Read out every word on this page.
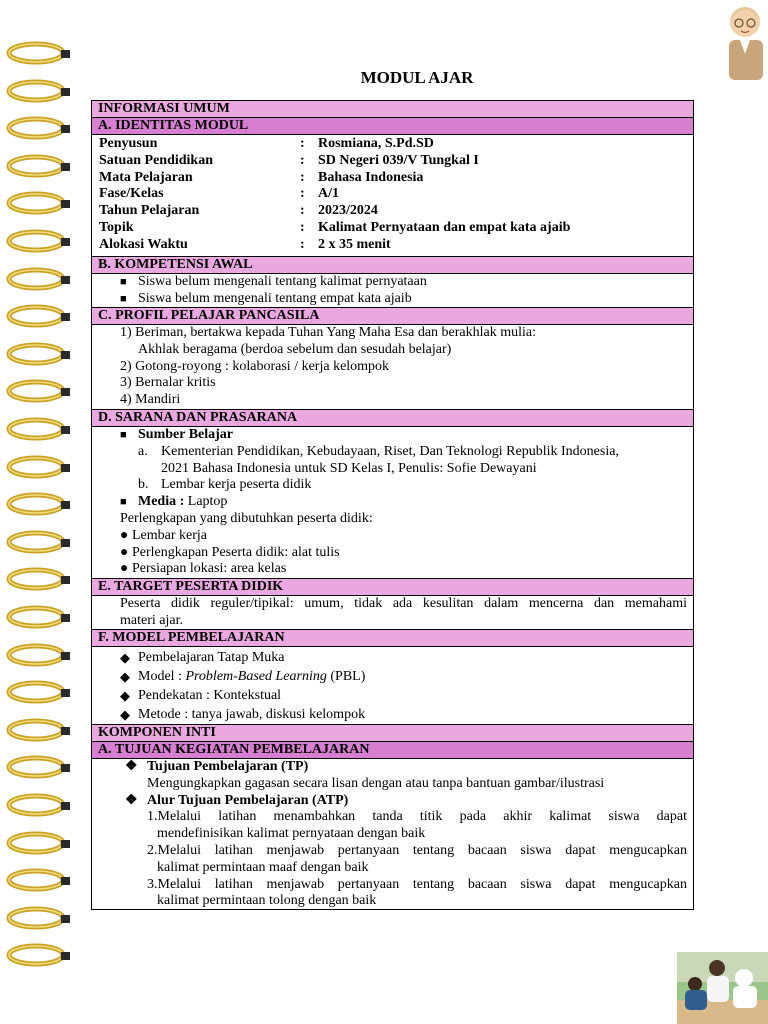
MODUL AJAR
INFORMASI UMUM
A. IDENTITAS MODUL
Penyusun	: Rosmiana, S.Pd.SD
Satuan Pendidikan	: SD Negeri 039/V Tungkal I
Mata Pelajaran	: Bahasa Indonesia
Fase/Kelas	: A/1
Tahun Pelajaran	: 2023/2024
Topik	: Kalimat Pernyataan dan empat kata ajaib
Alokasi Waktu	: 2 x 35 menit
B. KOMPETENSI AWAL
■ Siswa belum mengenali tentang kalimat pernyataan
■ Siswa belum mengenali tentang empat kata ajaib
C. PROFIL PELAJAR PANCASILA
1) Beriman, bertakwa kepada Tuhan Yang Maha Esa dan berakhlak mulia:
Akhlak beragama (berdoa sebelum dan sesudah belajar)
2) Gotong-royong : kolaborasi / kerja kelompok
3) Bernalar kritis
4) Mandiri
D. SARANA DAN PRASARANA
■ Sumber Belajar
a. Kementerian Pendidikan, Kebudayaan, Riset, Dan Teknologi Republik Indonesia,
2021 Bahasa Indonesia untuk SD Kelas I, Penulis: Sofie Dewayani
b. Lembar kerja peserta didik
■ Media : Laptop
Perlengkapan yang dibutuhkan peserta didik:
● Lembar kerja
● Perlengkapan Peserta didik: alat tulis
● Persiapan lokasi: area kelas
E. TARGET PESERTA DIDIK
Peserta didik reguler/tipikal: umum, tidak ada kesulitan dalam mencerna dan memahami
materi ajar.
F. MODEL PEMBELAJARAN
◆ Pembelajaran Tatap Muka
◆ Model : Problem-Based Learning (PBL)
◆ Pendekatan : Kontekstual
◆ Metode : tanya jawab, diskusi kelompok
KOMPONEN INTI
A. TUJUAN KEGIATAN PEMBELAJARAN
❖ Tujuan Pembelajaran (TP)
Mengungkapkan gagasan secara lisan dengan atau tanpa bantuan gambar/ilustrasi
❖ Alur Tujuan Pembelajaran (ATP)
1.Melalui latihan menambahkan tanda titik pada akhir kalimat siswa dapat
mendefinisikan kalimat pernyataan dengan baik
2.Melalui latihan menjawab pertanyaan tentang bacaan siswa dapat mengucapkan
kalimat permintaan maaf dengan baik
3.Melalui latihan menjawab pertanyaan tentang bacaan siswa dapat mengucapkan
kalimat permintaan tolong dengan baik
